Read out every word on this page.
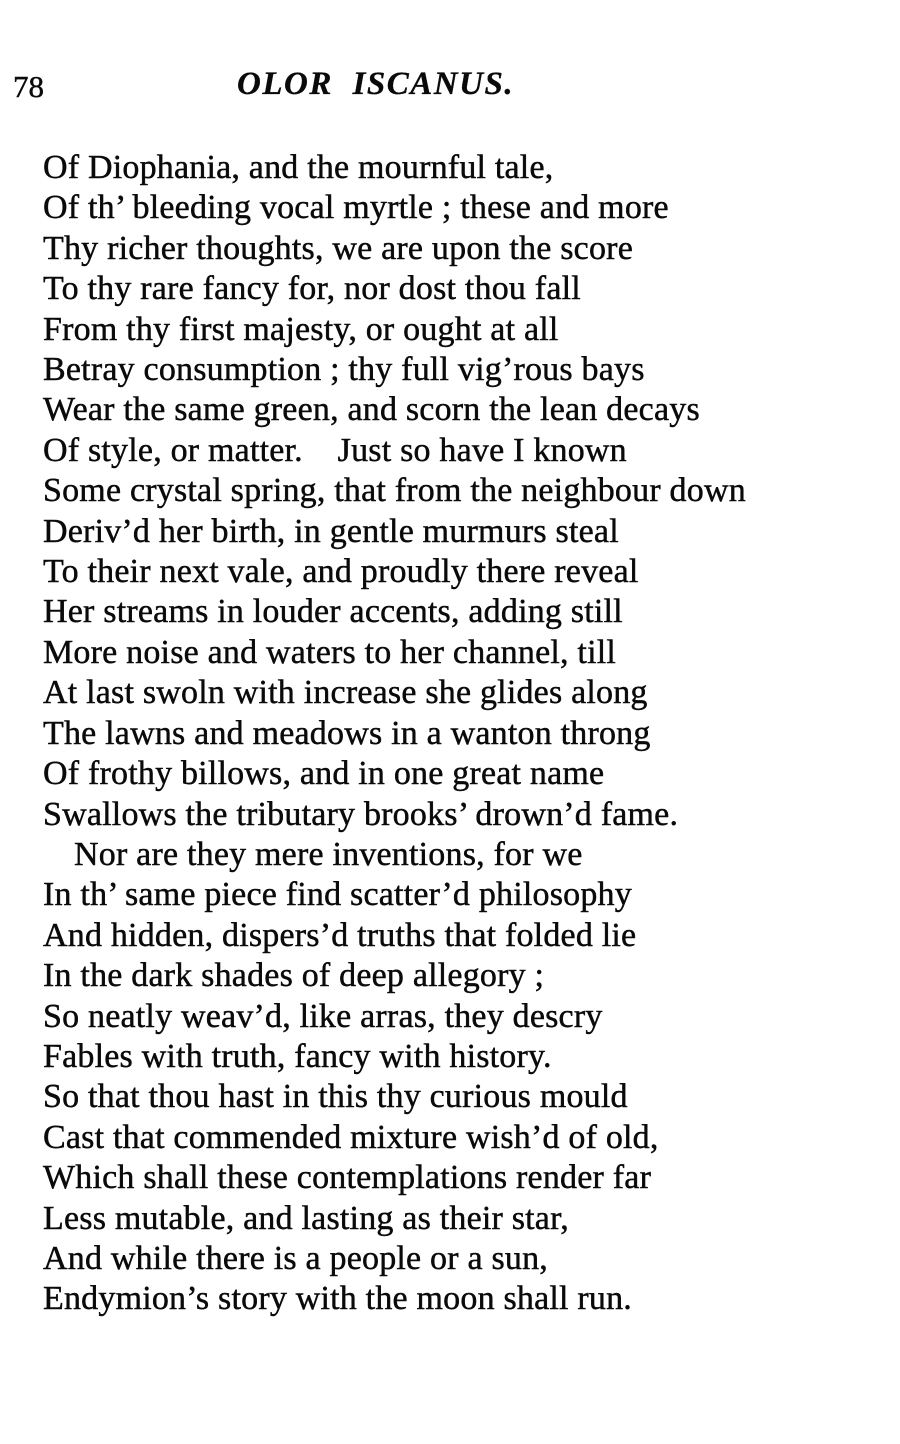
78	OLOR ISCANUS.
Of Diophania, and the mournful tale,
Of th’ bleeding vocal myrtle ; these and more
Thy richer thoughts, we are upon the score
To thy rare fancy for, nor dost thou fall
From thy first majesty, or ought at all
Betray consumption ; thy full vig’rous bays
Wear the same green, and scorn the lean decays
Of style, or matter.    Just so have I known
Some crystal spring, that from the neighbour down
Deriv’d her birth, in gentle murmurs steal
To their next vale, and proudly there reveal
Her streams in louder accents, adding still
More noise and waters to her channel, till
At last swoln with increase she glides along
The lawns and meadows in a wanton throng
Of frothy billows, and in one great name
Swallows the tributary brooks’ drown’d fame.
Nor are they mere inventions, for we
In th’ same piece find scatter’d philosophy
And hidden, dispers’d truths that folded lie
In the dark shades of deep allegory ;
So neatly weav’d, like arras, they descry
Fables with truth, fancy with history.
So that thou hast in this thy curious mould
Cast that commended mixture wish’d of old,
Which shall these contemplations render far
Less mutable, and lasting as their star,
And while there is a people or a sun,
Endymion’s story with the moon shall run.
